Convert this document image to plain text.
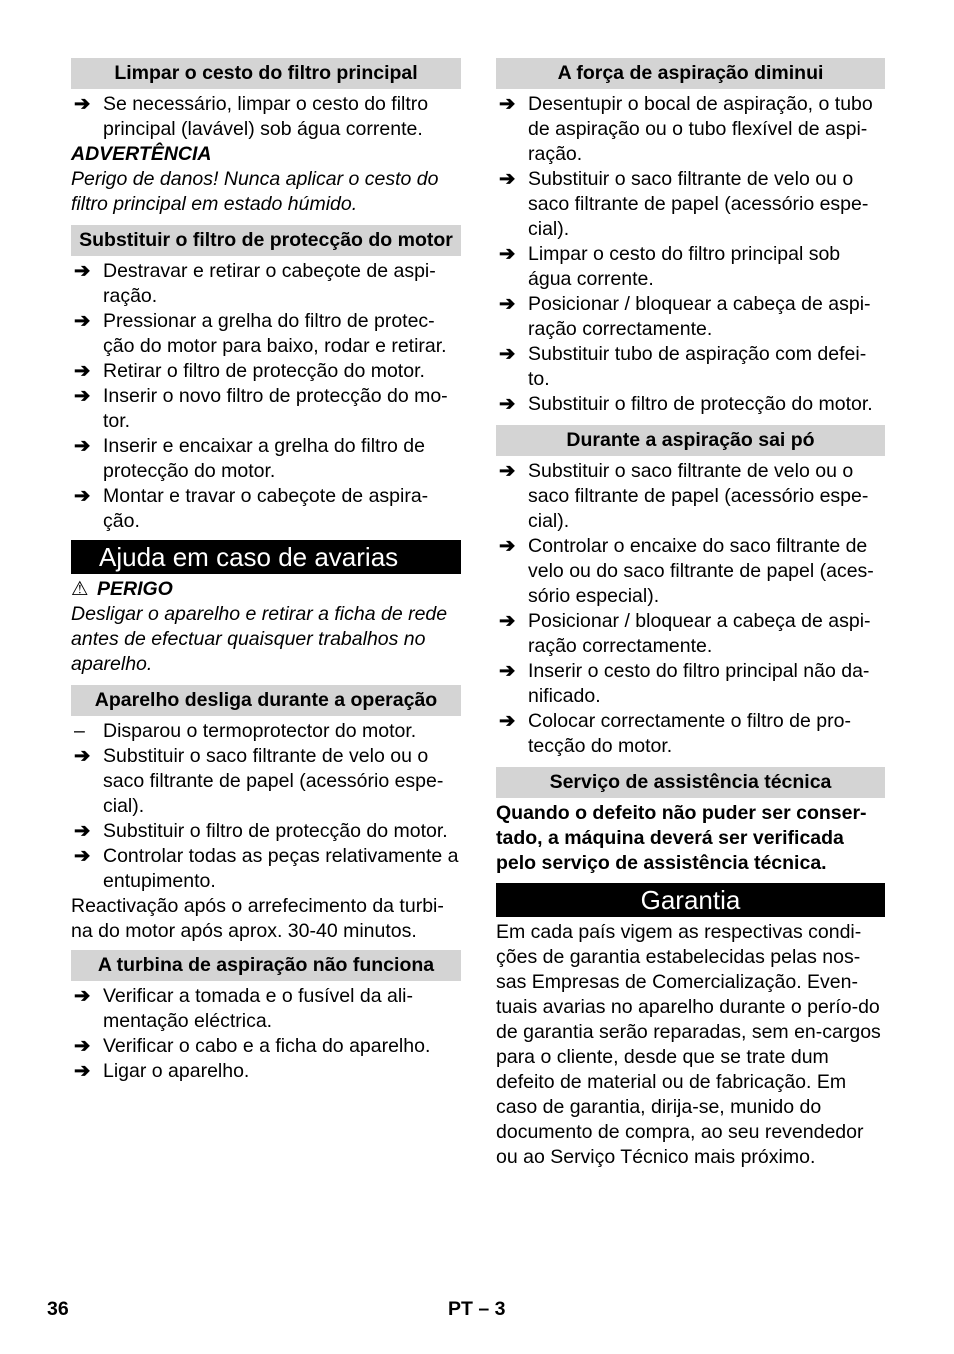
Limpar o cesto do filtro principal
➔ Se necessário, limpar o cesto do filtro principal (lavável) sob água corrente.
ADVERTÊNCIA
Perigo de danos! Nunca aplicar o cesto do filtro principal em estado húmido.
Substituir o filtro de protecção do motor
➔ Destravar e retirar o cabeçote de aspi-ração.
➔ Pressionar a grelha do filtro de protec-ção do motor para baixo, rodar e retirar.
➔ Retirar o filtro de protecção do motor.
➔ Inserir o novo filtro de protecção do mo-tor.
➔ Inserir e encaixar a grelha do filtro de protecção do motor.
➔ Montar e travar o cabeçote de aspira-ção.
Ajuda em caso de avarias
⚠ PERIGO
Desligar o aparelho e retirar a ficha de rede antes de efectuar quaisquer trabalhos no aparelho.
Aparelho desliga durante a operação
– Disparou o termoprotector do motor.
➔ Substituir o saco filtrante de velo ou o saco filtrante de papel (acessório espe-cial).
➔ Substituir o filtro de protecção do motor.
➔ Controlar todas as peças relativamente a entupimento.
Reactivação após o arrefecimento da turbi-na do motor após aprox. 30-40 minutos.
A turbina de aspiração não funciona
➔ Verificar a tomada e o fusível da ali-mentação eléctrica.
➔ Verificar o cabo e a ficha do aparelho.
➔ Ligar o aparelho.
A força de aspiração diminui
➔ Desentupir o bocal de aspiração, o tubo de aspiração ou o tubo flexível de aspi-ração.
➔ Substituir o saco filtrante de velo ou o saco filtrante de papel (acessório espe-cial).
➔ Limpar o cesto do filtro principal sob água corrente.
➔ Posicionar / bloquear a cabeça de aspi-ração correctamente.
➔ Substituir tubo de aspiração com defei-to.
➔ Substituir o filtro de protecção do motor.
Durante a aspiração sai pó
➔ Substituir o saco filtrante de velo ou o saco filtrante de papel (acessório espe-cial).
➔ Controlar o encaixe do saco filtrante de velo ou do saco filtrante de papel (aces-sório especial).
➔ Posicionar / bloquear a cabeça de aspi-ração correctamente.
➔ Inserir o cesto do filtro principal não da-nificado.
➔ Colocar correctamente o filtro de pro-tecção do motor.
Serviço de assistência técnica
Quando o defeito não puder ser conser-tado, a máquina deverá ser verificada pelo serviço de assistência técnica.
Garantia
Em cada país vigem as respectivas condi-ções de garantia estabelecidas pelas nos-sas Empresas de Comercialização. Even-tuais avarias no aparelho durante o perío-do de garantia serão reparadas, sem en-cargos para o cliente, desde que se trate dum defeito de material ou de fabricação. Em caso de garantia, dirija-se, munido do documento de compra, ao seu revendedor ou ao Serviço Técnico mais próximo.
36	PT – 3
